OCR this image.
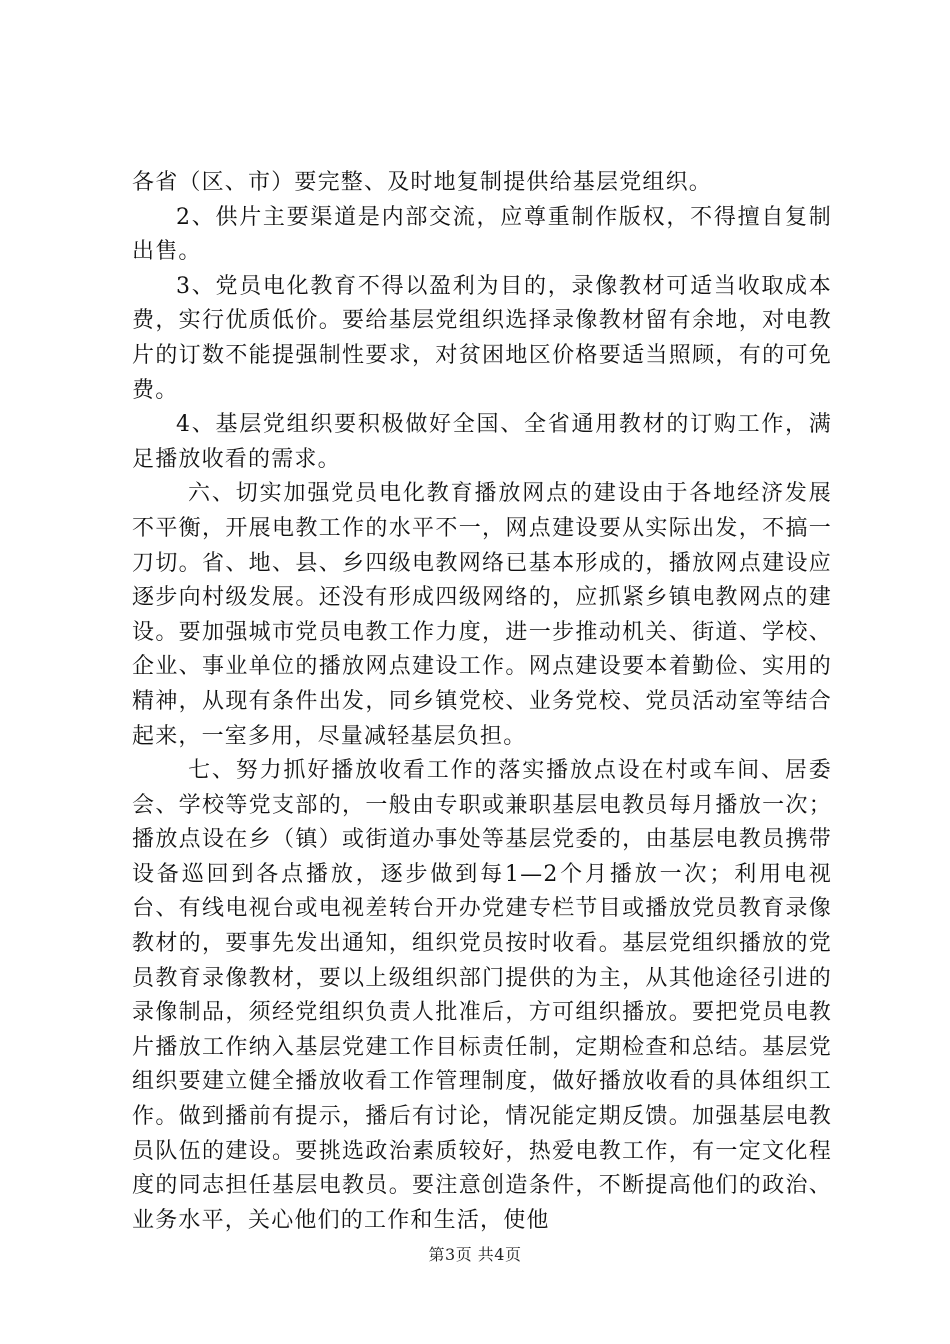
各省（区、市）要完整、及时地复制提供给基层党组织。

2、供片主要渠道是内部交流，应尊重制作版权，不得擅自复制出售。

3、党员电化教育不得以盈利为目的，录像教材可适当收取成本费，实行优质低价。要给基层党组织选择录像教材留有余地，对电教片的订数不能提强制性要求，对贫困地区价格要适当照顾，有的可免费。

4、基层党组织要积极做好全国、全省通用教材的订购工作，满足播放收看的需求。

六、切实加强党员电化教育播放网点的建设由于各地经济发展不平衡，开展电教工作的水平不一，网点建设要从实际出发，不搞一刀切。省、地、县、乡四级电教网络已基本形成的，播放网点建设应逐步向村级发展。还没有形成四级网络的，应抓紧乡镇电教网点的建设。要加强城市党员电教工作力度，进一步推动机关、街道、学校、企业、事业单位的播放网点建设工作。网点建设要本着勤俭、实用的精神，从现有条件出发，同乡镇党校、业务党校、党员活动室等结合起来，一室多用，尽量减轻基层负担。

七、努力抓好播放收看工作的落实播放点设在村或车间、居委会、学校等党支部的，一般由专职或兼职基层电教员每月播放一次；播放点设在乡（镇）或街道办事处等基层党委的，由基层电教员携带设备巡回到各点播放，逐步做到每1—2个月播放一次；利用电视台、有线电视台或电视差转台开办党建专栏节目或播放党员教育录像教材的，要事先发出通知，组织党员按时收看。基层党组织播放的党员教育录像教材，要以上级组织部门提供的为主，从其他途径引进的录像制品，须经党组织负责人批准后，方可组织播放。要把党员电教片播放工作纳入基层党建工作目标责任制，定期检查和总结。基层党组织要建立健全播放收看工作管理制度，做好播放收看的具体组织工作。做到播前有提示，播后有讨论，情况能定期反馈。加强基层电教员队伍的建设。要挑选政治素质较好，热爱电教工作，有一定文化程度的同志担任基层电教员。要注意创造条件，不断提高他们的政治、业务水平，关心他们的工作和生活，使他

第3页 共4页
